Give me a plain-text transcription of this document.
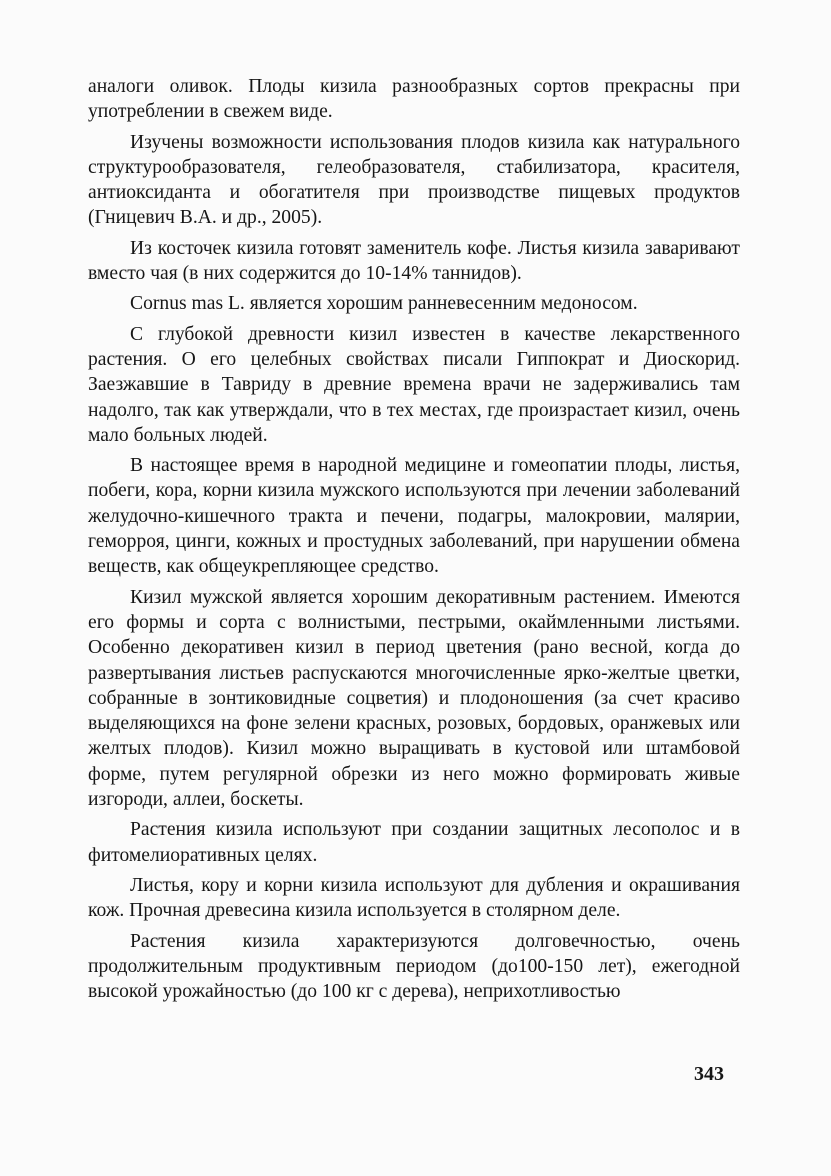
аналоги оливок. Плоды кизила разнообразных сортов прекрасны при употреблении в свежем виде.

Изучены возможности использования плодов кизила как натурального структурообразователя, гелеобразователя, стабилизатора, красителя, антиоксиданта и обогатителя при производстве пищевых продуктов (Гницевич В.А. и др., 2005).

Из косточек кизила готовят заменитель кофе. Листья кизила заваривают вместо чая (в них содержится до 10-14% таннидов).

Cornus mas L. является хорошим ранневесенним медоносом.

С глубокой древности кизил известен в качестве лекарственного растения. О его целебных свойствах писали Гиппократ и Диоскорид. Заезжавшие в Тавриду в древние времена врачи не задерживались там надолго, так как утверждали, что в тех местах, где произрастает кизил, очень мало больных людей.

В настоящее время в народной медицине и гомеопатии плоды, листья, побеги, кора, корни кизила мужского используются при лечении заболеваний желудочно-кишечного тракта и печени, подагры, малокровии, малярии, геморроя, цинги, кожных и простудных заболеваний, при нарушении обмена веществ, как общеукрепляющее средство.

Кизил мужской является хорошим декоративным растением. Имеются его формы и сорта с волнистыми, пестрыми, окаймленными листьями. Особенно декоративен кизил в период цветения (рано весной, когда до развертывания листьев распускаются многочисленные ярко-желтые цветки, собранные в зонтиковидные соцветия) и плодоношения (за счет красиво выделяющихся на фоне зелени красных, розовых, бордовых, оранжевых или желтых плодов). Кизил можно выращивать в кустовой или штамбовой форме, путем регулярной обрезки из него можно формировать живые изгороди, аллеи, боскеты.

Растения кизила используют при создании защитных лесополос и в фитомелиоративных целях.

Листья, кору и корни кизила используют для дубления и окрашивания кож. Прочная древесина кизила используется в столярном деле.

Растения кизила характеризуются долговечностью, очень продолжительным продуктивным периодом (до100-150 лет), ежегодной высокой урожайностью (до 100 кг с дерева), неприхотливостью

343
